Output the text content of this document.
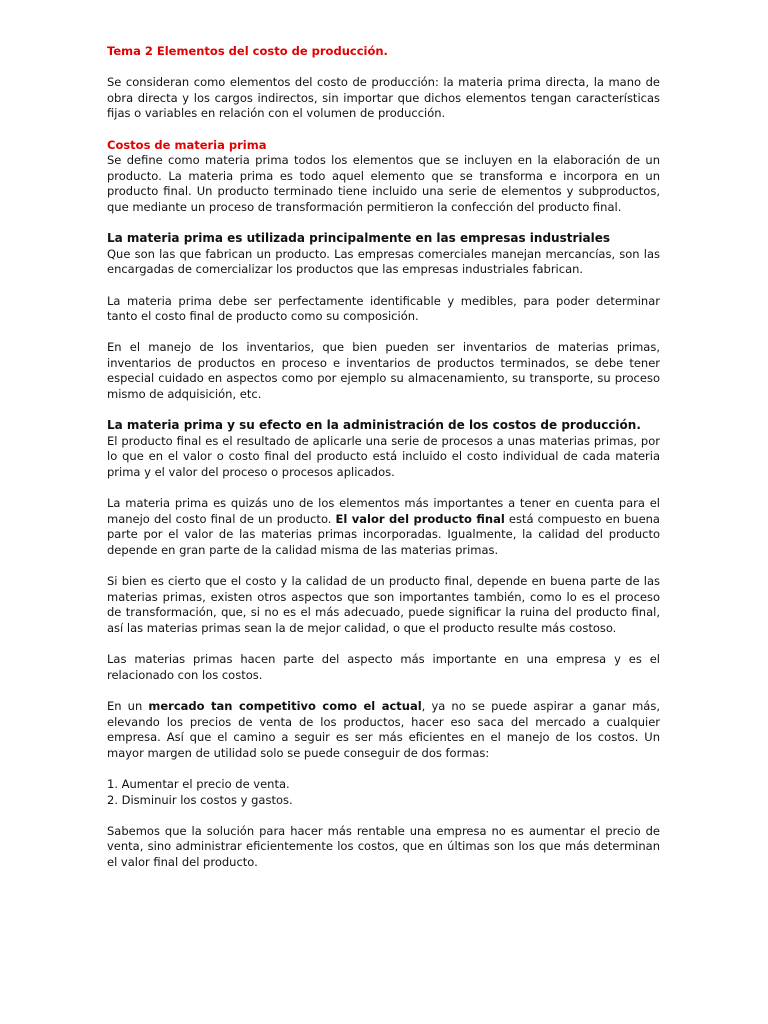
Tema 2 Elementos del costo de producción.

Se consideran como elementos del costo de producción: la materia prima directa, la mano de obra directa y los cargos indirectos, sin importar que dichos elementos tengan características fijas o variables en relación con el volumen de producción.

Costos de materia prima

Se define como materia prima todos los elementos que se incluyen en la elaboración de un producto. La materia prima es todo aquel elemento que se transforma e incorpora en un producto final. Un producto terminado tiene incluido una serie de elementos y subproductos, que mediante un proceso de transformación permitieron la confección del producto final.

La materia prima es utilizada principalmente en las empresas industriales

Que son las que fabrican un producto. Las empresas comerciales manejan mercancías, son las encargadas de comercializar los productos que las empresas industriales fabrican.

La materia prima debe ser perfectamente identificable y medibles, para poder determinar tanto el costo final de producto como su composición.

En el manejo de los inventarios, que bien pueden ser inventarios de materias primas, inventarios de productos en proceso e inventarios de productos terminados, se debe tener especial cuidado en aspectos como por ejemplo su almacenamiento, su transporte, su proceso mismo de adquisición, etc.

La materia prima y su efecto en la administración de los costos de producción.

El producto final es el resultado de aplicarle una serie de procesos a unas materias primas, por lo que en el valor o costo final del producto está incluido el costo individual de cada materia prima y el valor del proceso o procesos aplicados.

La materia prima es quizás uno de los elementos más importantes a tener en cuenta para el manejo del costo final de un producto. El valor del producto final está compuesto en buena parte por el valor de las materias primas incorporadas. Igualmente, la calidad del producto depende en gran parte de la calidad misma de las materias primas.

Si bien es cierto que el costo y la calidad de un producto final, depende en buena parte de las materias primas, existen otros aspectos que son importantes también, como lo es el proceso de transformación, que, si no es el más adecuado, puede significar la ruina del producto final, así las materias primas sean la de mejor calidad, o que el producto resulte más costoso.

Las materias primas hacen parte del aspecto más importante en una empresa y es el relacionado con los costos.

En un mercado tan competitivo como el actual, ya no se puede aspirar a ganar más, elevando los precios de venta de los productos, hacer eso saca del mercado a cualquier empresa. Así que el camino a seguir es ser más eficientes en el manejo de los costos. Un mayor margen de utilidad solo se puede conseguir de dos formas:

1. Aumentar el precio de venta.

2. Disminuir los costos y gastos.

Sabemos que la solución para hacer más rentable una empresa no es aumentar el precio de venta, sino administrar eficientemente los costos, que en últimas son los que más determinan el valor final del producto.
